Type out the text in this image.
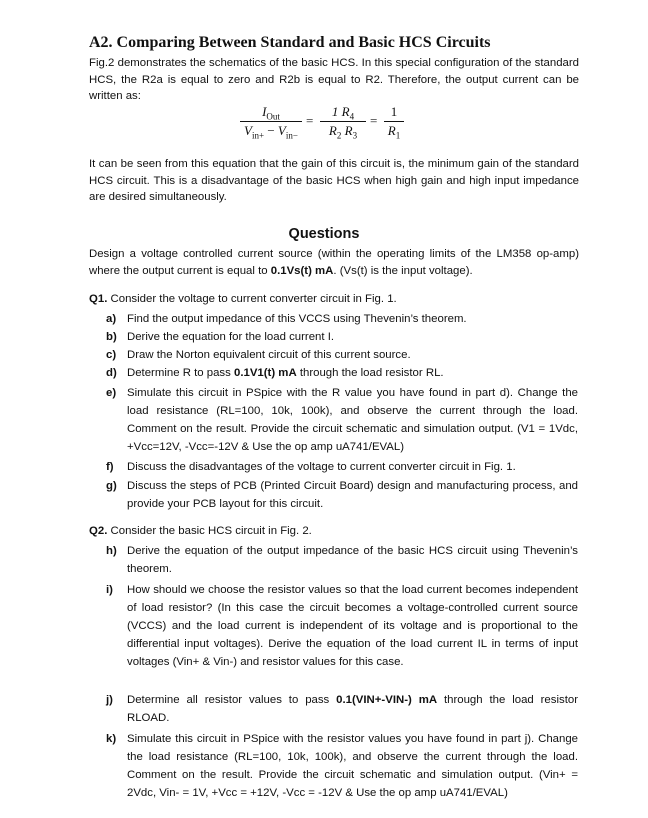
A2. Comparing Between Standard and Basic HCS Circuits
Fig.2 demonstrates the schematics of the basic HCS. In this special configuration of the standard HCS, the R2a is equal to zero and R2b is equal to R2. Therefore, the output current can be written as:
$I_{Out}$
$V_{in+} - V_{in-}$
=
1 $R_4$
$R_2$ $R_3$
=
1
$R_1$
It can be seen from this equation that the gain of this circuit is, the minimum gain of the standard HCS circuit. This is a disadvantage of the basic HCS when high gain and high input impedance are desired simultaneously.
Questions
Design a voltage controlled current source (within the operating limits of the LM358 op-amp) where the output current is equal to 0.1Vs(t) mA. (Vs(t) is the input voltage).
Q1. Consider the voltage to current converter circuit in Fig. 1.
a) Find the output impedance of this VCCS using Thevenin’s theorem.
b) Derive the equation for the load current I.
c) Draw the Norton equivalent circuit of this current source.
d) Determine R to pass 0.1V1(t) mA through the load resistor RL.
e) Simulate this circuit in PSpice with the R value you have found in part d). Change the load resistance (RL=100, 10k, 100k), and observe the current through the load. Comment on the result. Provide the circuit schematic and simulation output. (V1 = 1Vdc, +Vcc=12V, -Vcc=-12V & Use the op amp uA741/EVAL)
f) Discuss the disadvantages of the voltage to current converter circuit in Fig. 1.
g) Discuss the steps of PCB (Printed Circuit Board) design and manufacturing process, and provide your PCB layout for this circuit.
Q2. Consider the basic HCS circuit in Fig. 2.
h) Derive the equation of the output impedance of the basic HCS circuit using Thevenin’s theorem.
i) How should we choose the resistor values so that the load current becomes independent of load resistor? (In this case the circuit becomes a voltage-controlled current source (VCCS) and the load current is independent of its voltage and is proportional to the differential input voltages). Derive the equation of the load current IL in terms of input voltages (Vin+ & Vin-) and resistor values for this case.
j) Determine all resistor values to pass 0.1(VIN+-VIN-) mA through the load resistor RLOAD.
k) Simulate this circuit in PSpice with the resistor values you have found in part j). Change the load resistance (RL=100, 10k, 100k), and observe the current through the load. Comment on the result. Provide the circuit schematic and simulation output. (Vin+ = 2Vdc, Vin- = 1V, +Vcc = +12V, -Vcc = -12V & Use the op amp uA741/EVAL)
